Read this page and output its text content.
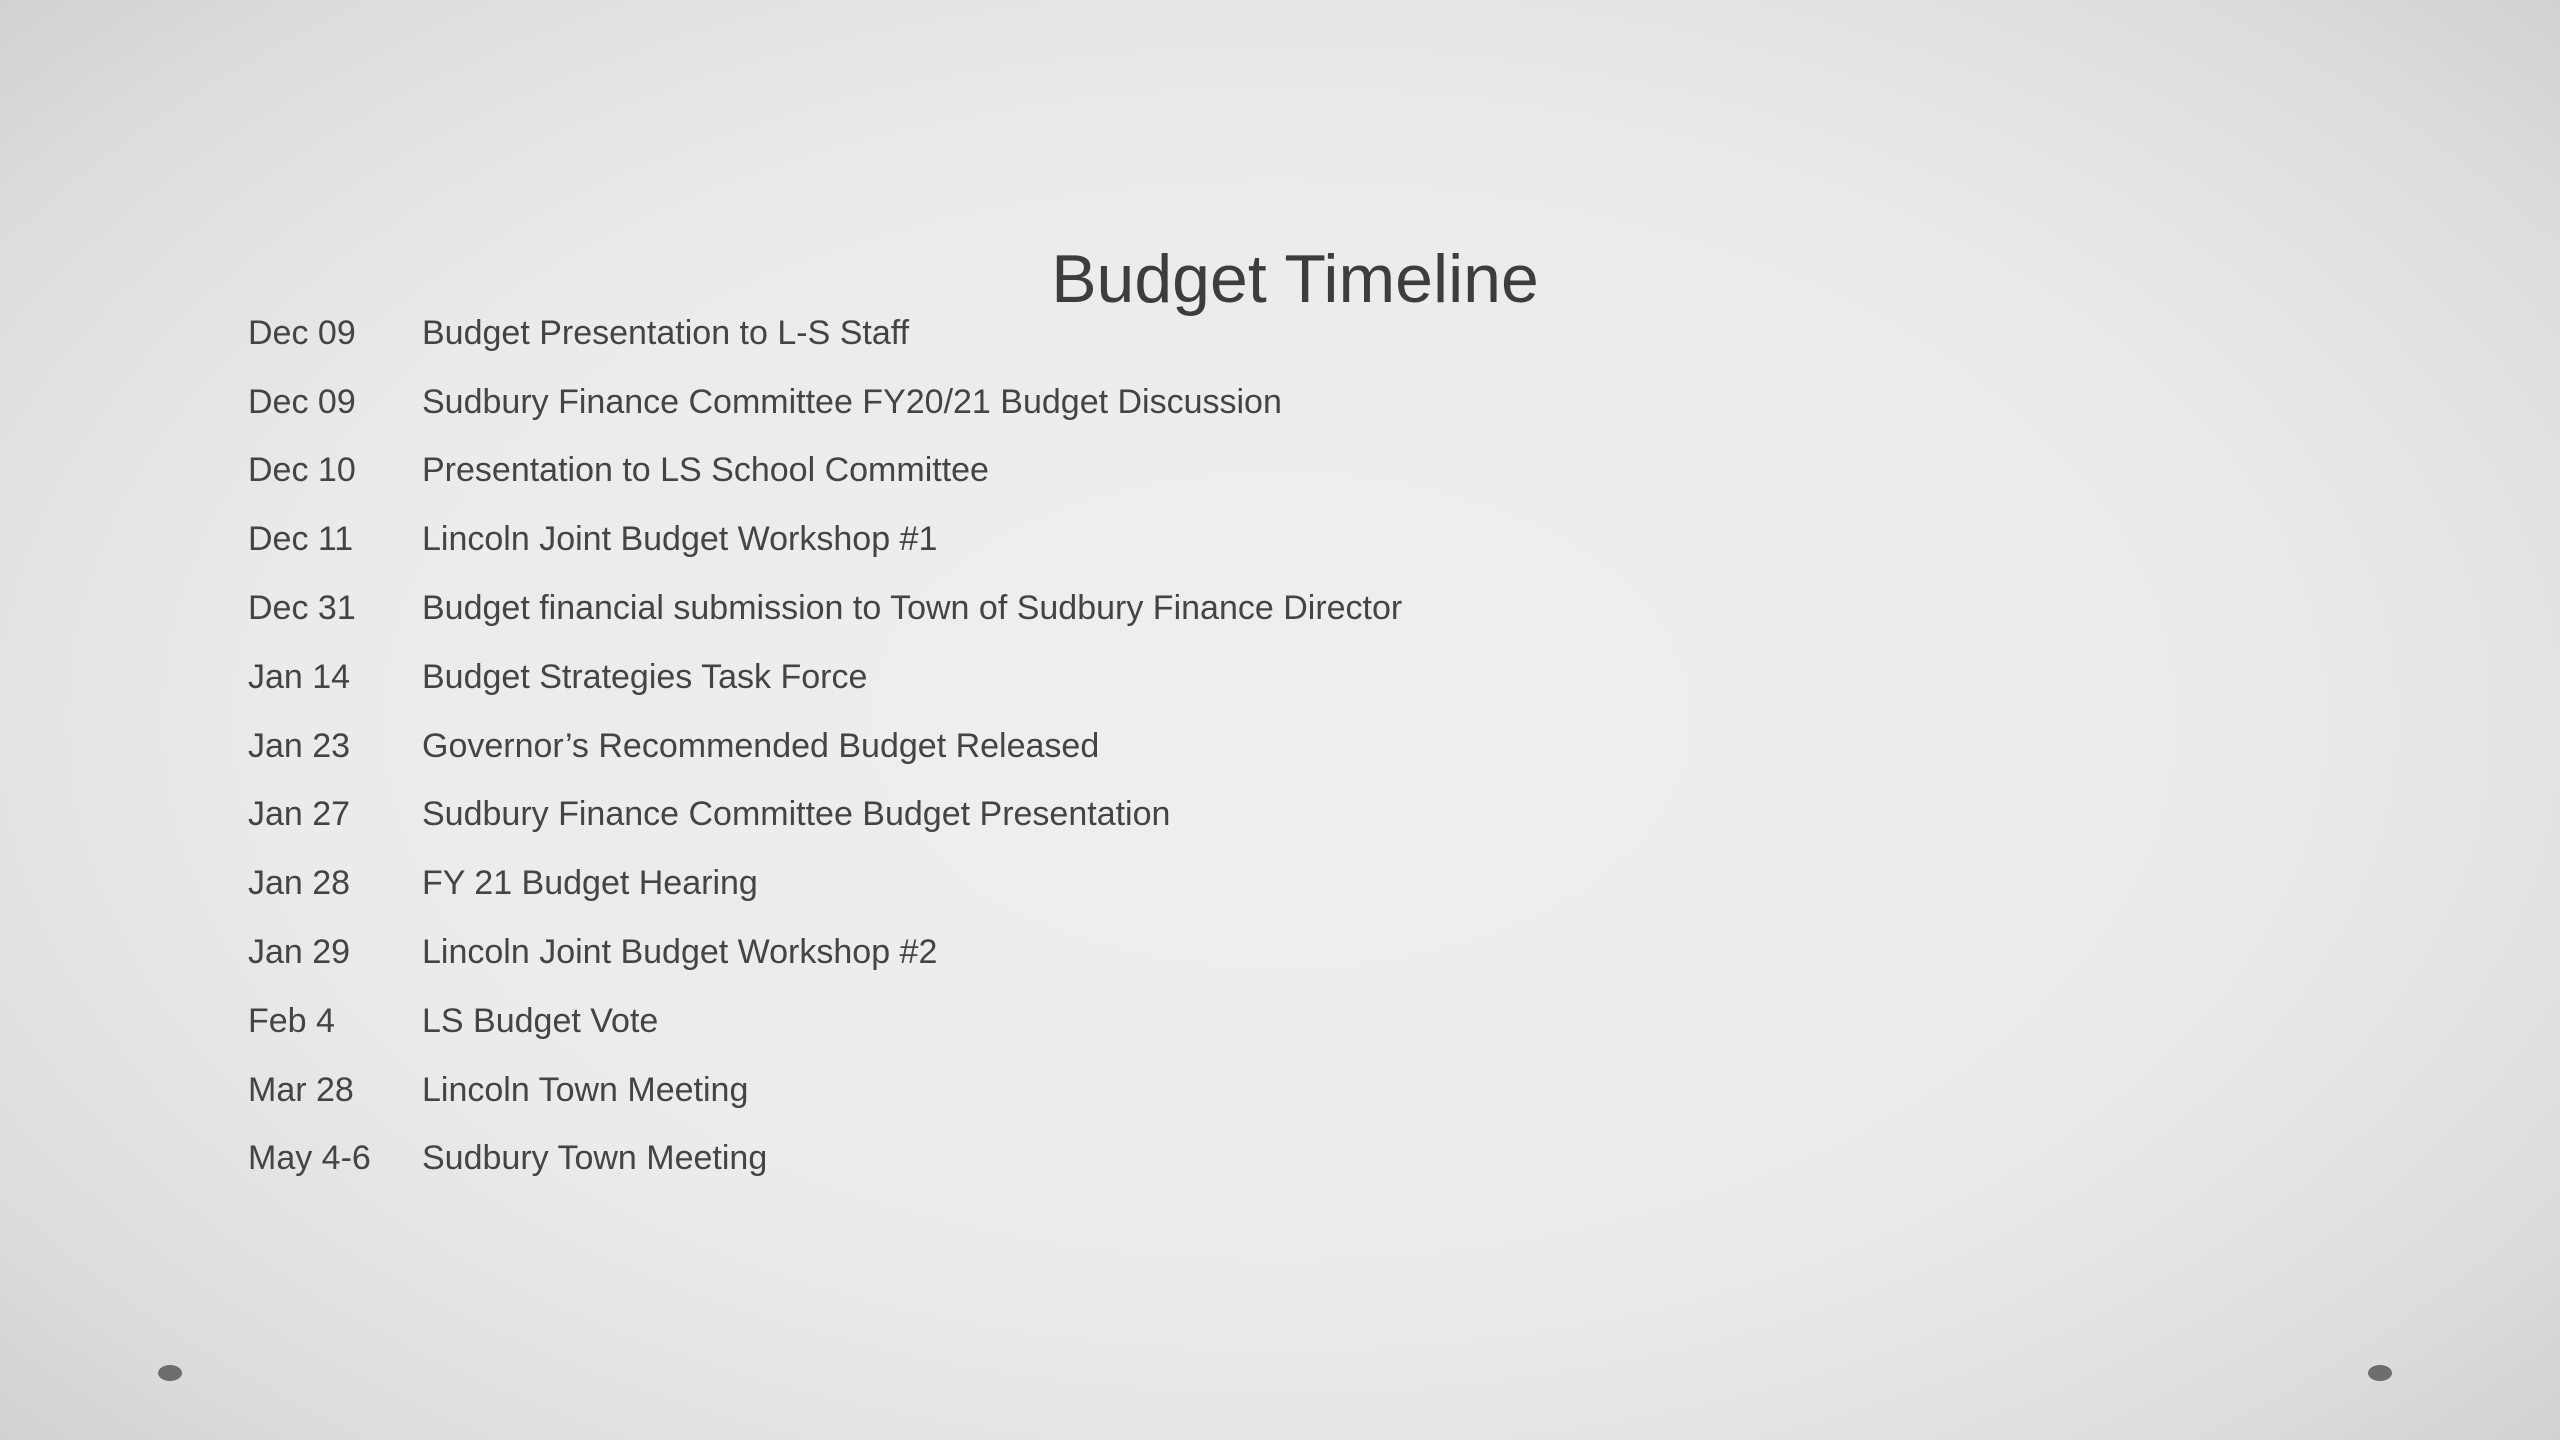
Budget Timeline
Dec 09	Budget Presentation to L-S Staff
Dec 09	Sudbury Finance Committee FY20/21 Budget Discussion
Dec 10	Presentation to LS School Committee
Dec 11	Lincoln Joint Budget Workshop #1
Dec 31	Budget financial submission to Town of Sudbury Finance Director
Jan 14	Budget Strategies Task Force
Jan 23	Governor’s Recommended Budget Released
Jan 27	Sudbury Finance Committee Budget Presentation
Jan 28	FY 21 Budget Hearing
Jan 29	Lincoln Joint Budget Workshop #2
Feb 4	LS Budget Vote
Mar 28	Lincoln Town Meeting
May 4-6	Sudbury Town Meeting
